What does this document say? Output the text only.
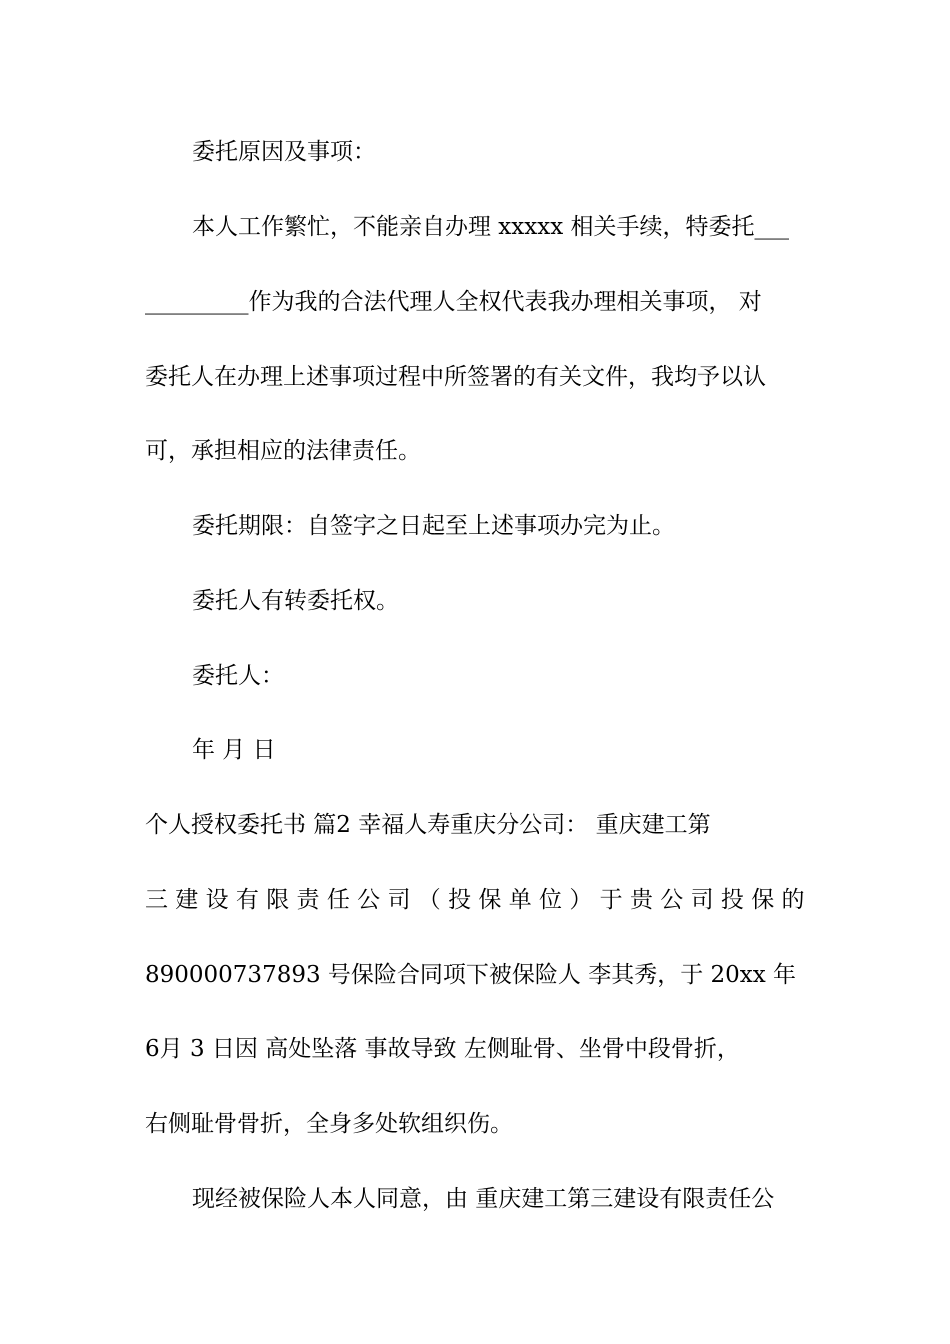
委托原因及事项：
本人工作繁忙，不能亲自办理 xxxxx 相关手续，特委托___
_________作为我的合法代理人全权代表我办理相关事项， 对
委托人在办理上述事项过程中所签署的有关文件，我均予以认
可，承担相应的法律责任。
委托期限：自签字之日起至上述事项办完为止。
委托人有转委托权。
委托人：
年 月 日
个人授权委托书 篇2 幸福人寿重庆分公司： 重庆建工第
三 建 设 有 限 责 任 公 司 （ 投 保 单 位 ） 于 贵 公 司 投 保 的
890000737893 号保险合同项下被保险人 李其秀，于 20xx 年
6月 3 日因 高处坠落 事故导致 左侧耻骨、坐骨中段骨折，
右侧耻骨骨折，全身多处软组织伤。
现经被保险人本人同意，由 重庆建工第三建设有限责任公
